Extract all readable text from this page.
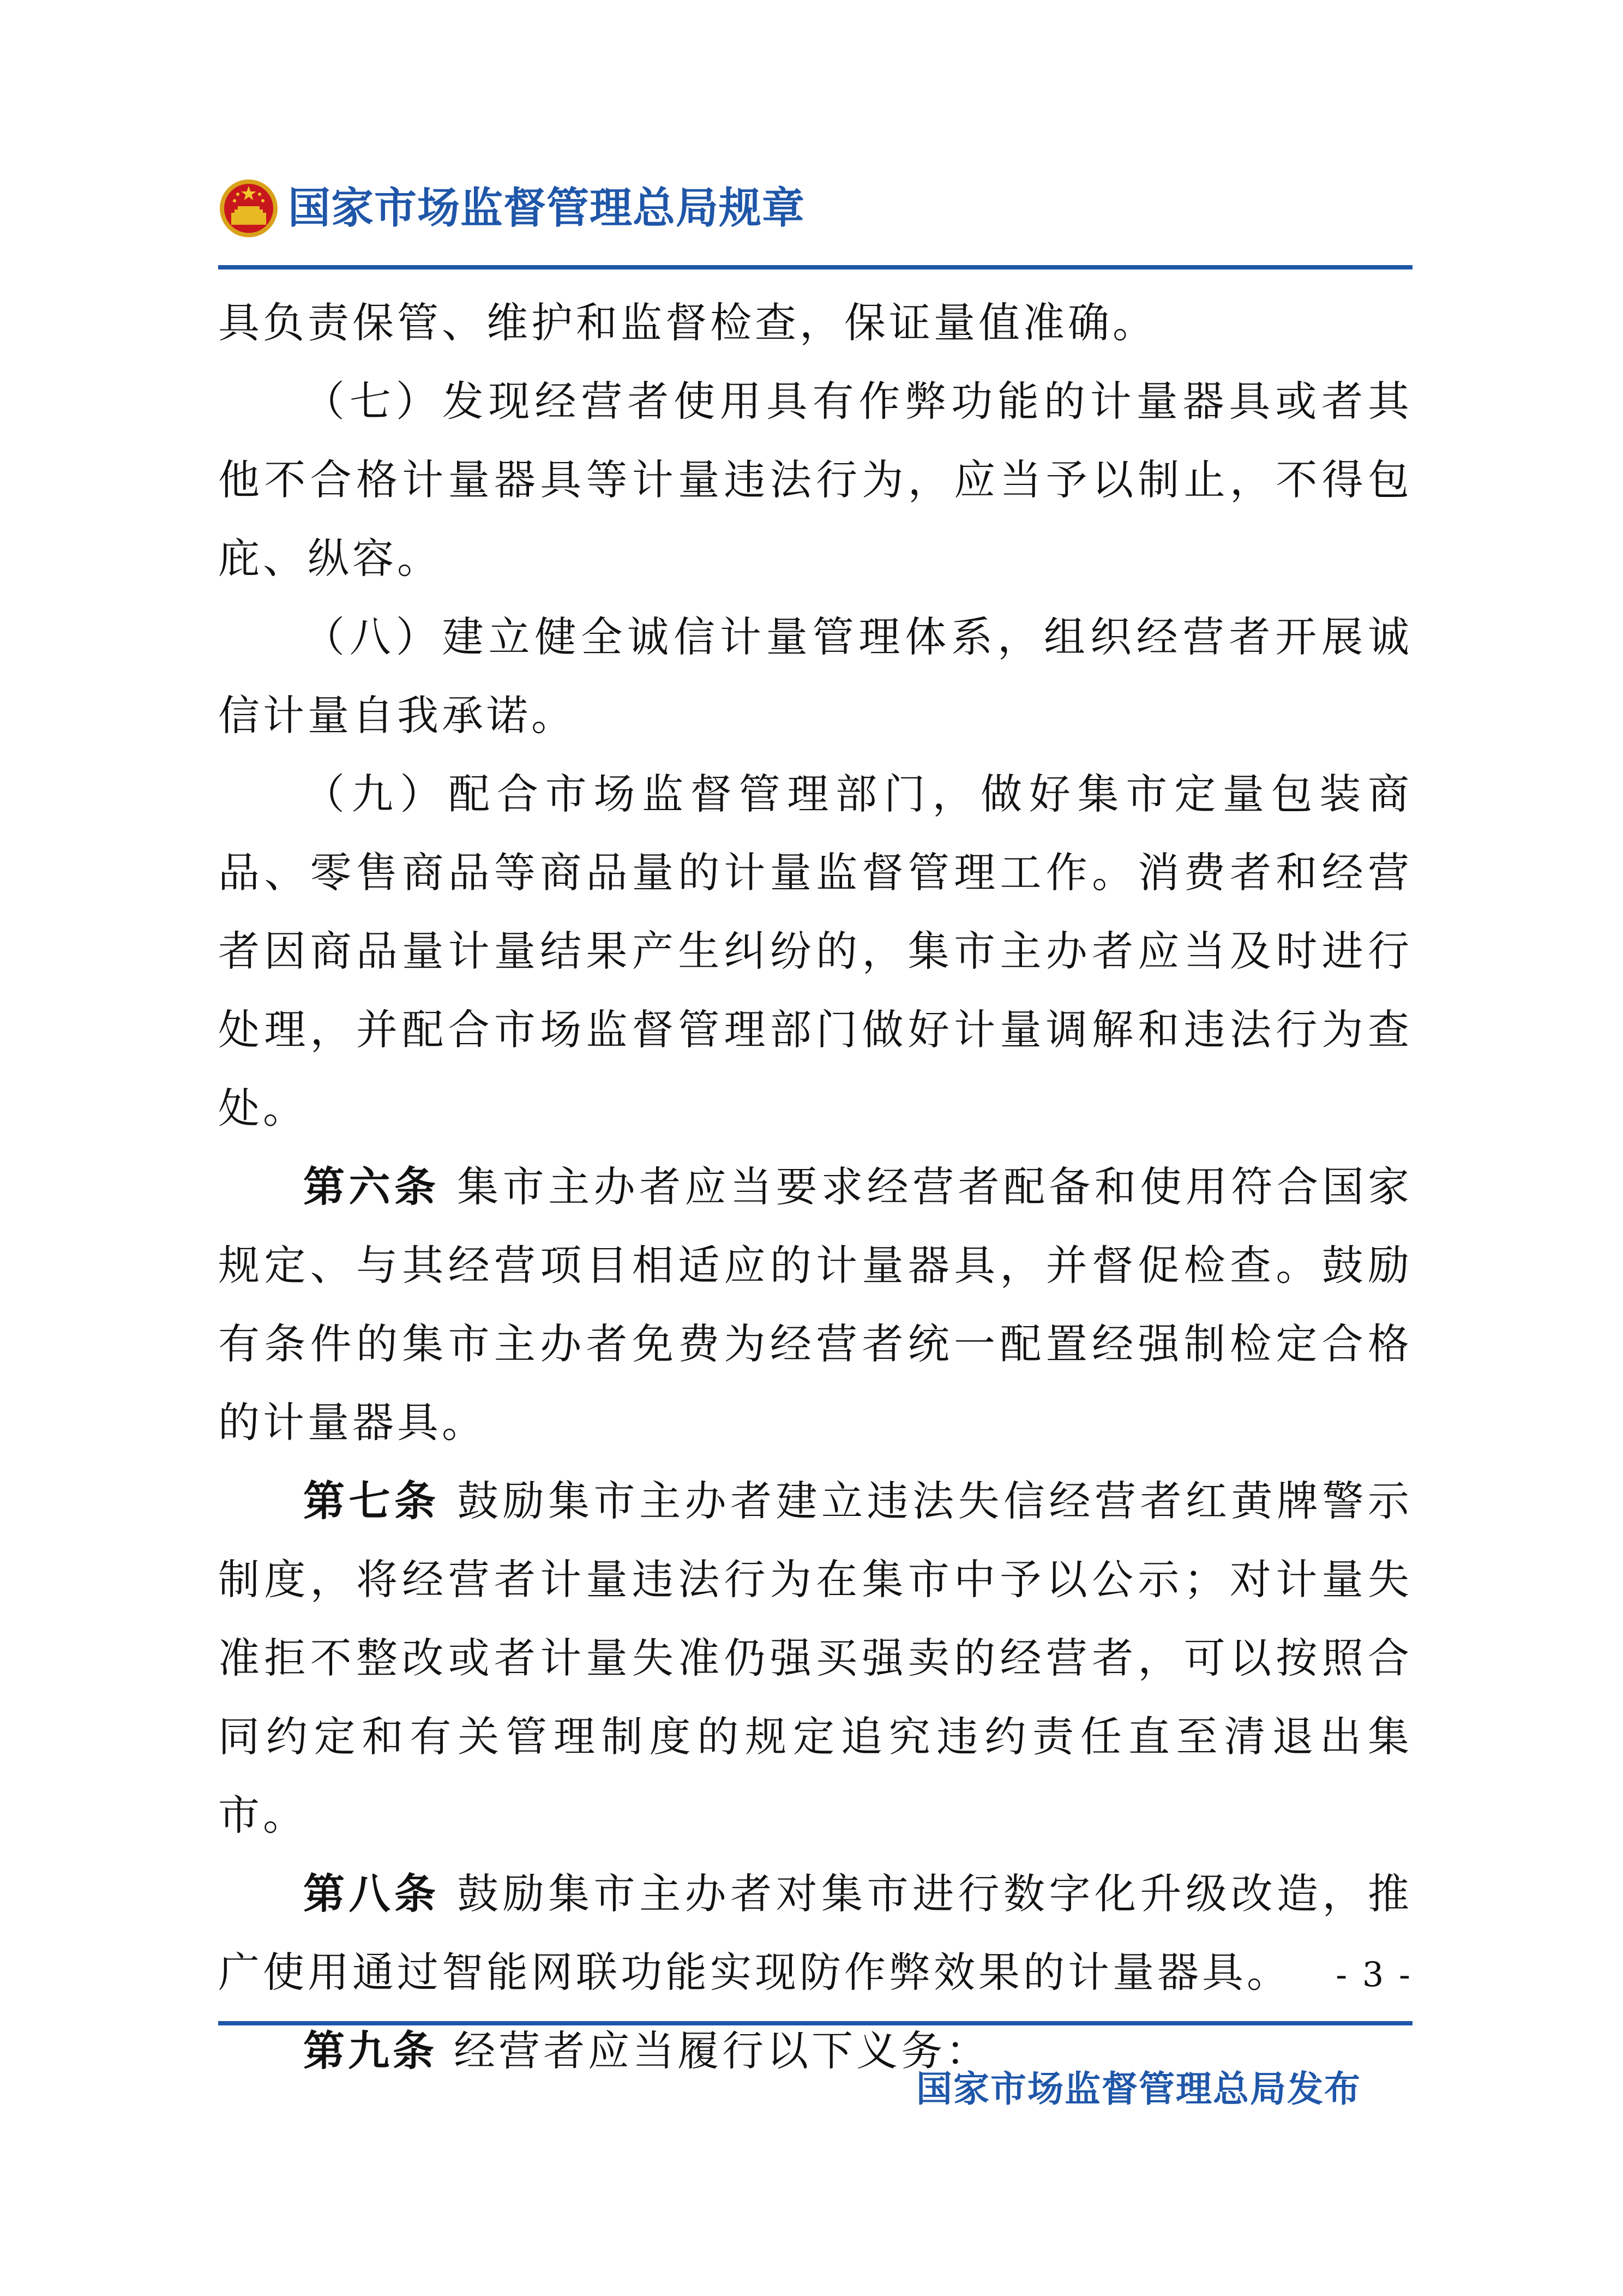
国家市场监督管理总局规章

具负责保管、维护和监督检查，保证量值准确。

（七）发现经营者使用具有作弊功能的计量器具或者其他不合格计量器具等计量违法行为，应当予以制止，不得包庇、纵容。

（八）建立健全诚信计量管理体系，组织经营者开展诚信计量自我承诺。

（九）配合市场监督管理部门，做好集市定量包装商品、零售商品等商品量的计量监督管理工作。消费者和经营者因商品量计量结果产生纠纷的，集市主办者应当及时进行处理，并配合市场监督管理部门做好计量调解和违法行为查处。

第六条 集市主办者应当要求经营者配备和使用符合国家规定、与其经营项目相适应的计量器具，并督促检查。鼓励有条件的集市主办者免费为经营者统一配置经强制检定合格的计量器具。

第七条 鼓励集市主办者建立违法失信经营者红黄牌警示制度，将经营者计量违法行为在集市中予以公示；对计量失准拒不整改或者计量失准仍强买强卖的经营者，可以按照合同约定和有关管理制度的规定追究违约责任直至清退出集市。

第八条 鼓励集市主办者对集市进行数字化升级改造，推广使用通过智能网联功能实现防作弊效果的计量器具。

第九条 经营者应当履行以下义务：

- 3 -
国家市场监督管理总局发布
